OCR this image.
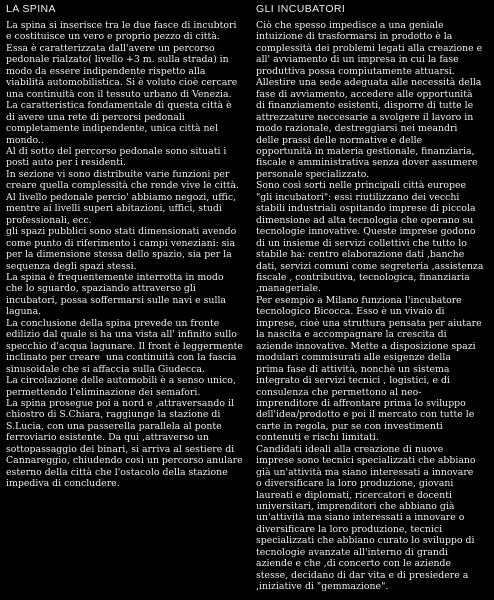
LA SPINA
La spina si inserisce tra le due fasce di incubtori
e costituisce un vero e proprio pezzo di città.
Essa è caratterizzata dall'avere un percorso
pedonale rialzato( livello +3 m. sulla strada) in
modo da essere indipendente rispetto alla
viabilità automobilistica. Si è voluto cioè cercare
una continuità con il tessuto urbano di Venezia.
La caratteristica fondamentale di questa città è
di avere una rete di percorsi pedonali
completamente indipendente, unica città nel
mondo..
Al di sotto del percorso pedonale sono situati i
posti auto per i residenti.
In sezione vi sono distribuite varie funzioni per
creare quella complessità che rende vive le città.
Al livello pedonale percio' abbiamo negozi, uffic,
mentre ai livelli superi abitazioni, uffici, studi
professionali, ecc.
gli spazi pubblici sono stati dimensionati avendo
come punto di riferimento i campi veneziani: sia
per la dimensione stessa dello spazio, sia per la
sequenza degli spazi stessi.
La spina è frequentemente interrotta in modo
che lo sguardo, spaziando attraverso gli
incubatori, possa soffermarsi sulle navi e sulla
laguna.
La conclusione della spina prevede un fronte
edilizio dal quale si ha una vista all' infinito sullo
specchio d'acqua lagunare. Il front è leggermente
inclinato per creare  una continuità con la fascia
sinusoidale che si affaccia sulla Giudecca.
La circolazione delle automobili è a senso unico,
permettendo l'eliminazione dei semafori.
La spina prosegue poi a nord e ,attraversando il
chiostro di S.Chiara, raggiunge la stazione di
S.Lucia, con una passerella parallela al ponte
ferroviario esistente. Da qui ,attraverso un
sottopassaggio dei binari, si arriva al sestiere di
Cannareggio, chiudendo così un percorso anulare
esterno della città che l'ostacolo della stazione
impediva di concludere.
GLI INCUBATORI
Ciò che spesso impedisce a una geniale
intuizione di trasformarsi in prodotto è la
complessità dei problemi legati alla creazione e
all' avviamento di un impresa in cui la fase
produttiva possa compiutamente attuarsi.
Allestire una sede adeguata alle necessità della
fase di avviamento, accedere alle opportunità
di finanziamento esistenti, disporre di tutte le
attrezzature neccesarie a svolgere il lavoro in
modo razionale, destreggiarsi nei meandri
delle prassi delle normative e delle
opportunità in materia gestionale, finanziaria,
fiscale e amministrativa senza dover assumere
personale specializzato.
Sono così sorti nelle principali città europee
"gli incubatori": essi riutilizzano dei vecchi
stabili industriali ospitando imprese di piccola
dimensione ad alta tecnologia che operano su
tecnologie innovative. Queste imprese godono
di un insieme di servizi collettivi che tutto lo
stabile ha: centro elaborazione dati ,banche
dati, servizi comuni come segreteria ,assistenza
fiscale , contributiva, tecnologica, finanziaria
,manageriale.
Per esempio a Milano funziona l'incubatore
tecnologico Bicocca. Esso è un vivaio di
imprese, cioè una struttura pensata per aiutare
la nascita e accompagnare la crescita di
aziende innovative. Mette a disposizione spazi
modulari commisurati alle esigenze della
prima fase di attività, nonchè un sistema
integrato di servizi tecnici , logistici, e di
consulenza che permettono al neo-
imprenditore di affrontare prima lo sviluppo
dell'idea/prodotto e poi il mercato con tutte le
carte in regola, pur se con investimenti
contenuti e rischi limitati.
Candidati ideali alla creazione di nuove
imprese sono tecnici specializzati che abbiano
già un'attività ma siano interessati a innovare
o diversificare la loro produzione, giovani
laureati e diplomati, ricercatori e docenti
universitari, imprenditori che abbiano già
un'attività ma siano interessati a innovare o
diversificare la loro produzione, tecnici
specializzati che abbiano curato lo sviluppo di
tecnologie avanzate all'interno di grandi
aziende e che ,di concerto con le aziende
stesse, decidano di dar vita e di presiedere a
,iniziative di "gemmazione".
